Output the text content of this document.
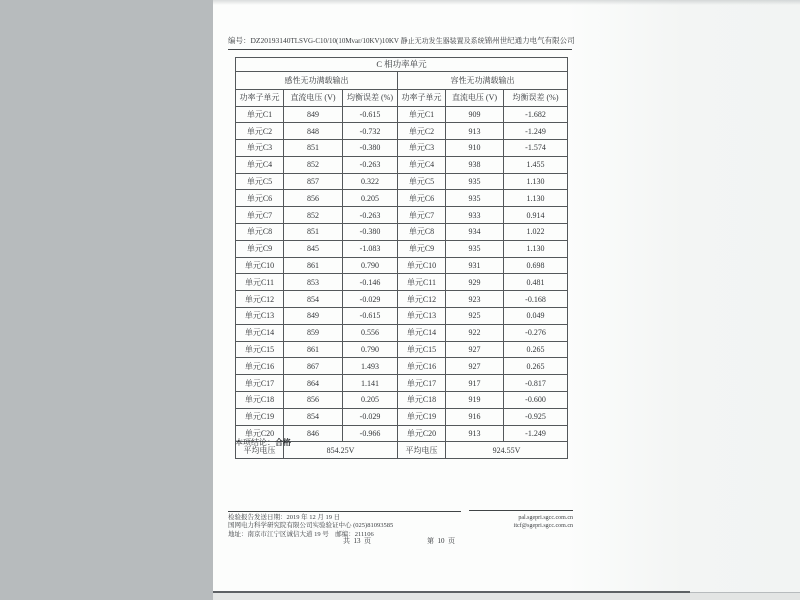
编号：DZ20193140 TLSVG-C10/10(10Mvar/10KV)10KV 静止无功发生器装置及系统 锦州世纪通力电气有限公司
C 相功率单元					
感性无功满载输出			容性无功满载输出		
功率子单元	直流电压 (V)	均衡误差 (%)	功率子单元	直流电压 (V)	均衡误差 (%)
单元C1	849	-0.615	单元C1	909	-1.682
单元C2	848	-0.732	单元C2	913	-1.249
单元C3	851	-0.380	单元C3	910	-1.574
单元C4	852	-0.263	单元C4	938	1.455
单元C5	857	0.322	单元C5	935	1.130
单元C6	856	0.205	单元C6	935	1.130
单元C7	852	-0.263	单元C7	933	0.914
单元C8	851	-0.380	单元C8	934	1.022
单元C9	845	-1.083	单元C9	935	1.130
单元C10	861	0.790	单元C10	931	0.698
单元C11	853	-0.146	单元C11	929	0.481
单元C12	854	-0.029	单元C12	923	-0.168
单元C13	849	-0.615	单元C13	925	0.049
单元C14	859	0.556	单元C14	922	-0.276
单元C15	861	0.790	单元C15	927	0.265
单元C16	867	1.493	单元C16	927	0.265
单元C17	864	1.141	单元C17	917	-0.817
单元C18	856	0.205	单元C18	919	-0.600
单元C19	854	-0.029	单元C19	916	-0.925
单元C20	846	-0.966	单元C20	913	-1.249
平均电压	854.25V		平均电压	924.55V	
本项结论：合格
检验报告发送日期：2019 年 12 月 19 日
国网电力科学研究院有限公司实验验证中心 (025)81093585
地址：南京市江宁区诚信大道 19 号　邮编：211106
pal.sgepri.sgcc.com.cn
itcf@sgepri.sgcc.com.cn
共  13  页	第  10  页
